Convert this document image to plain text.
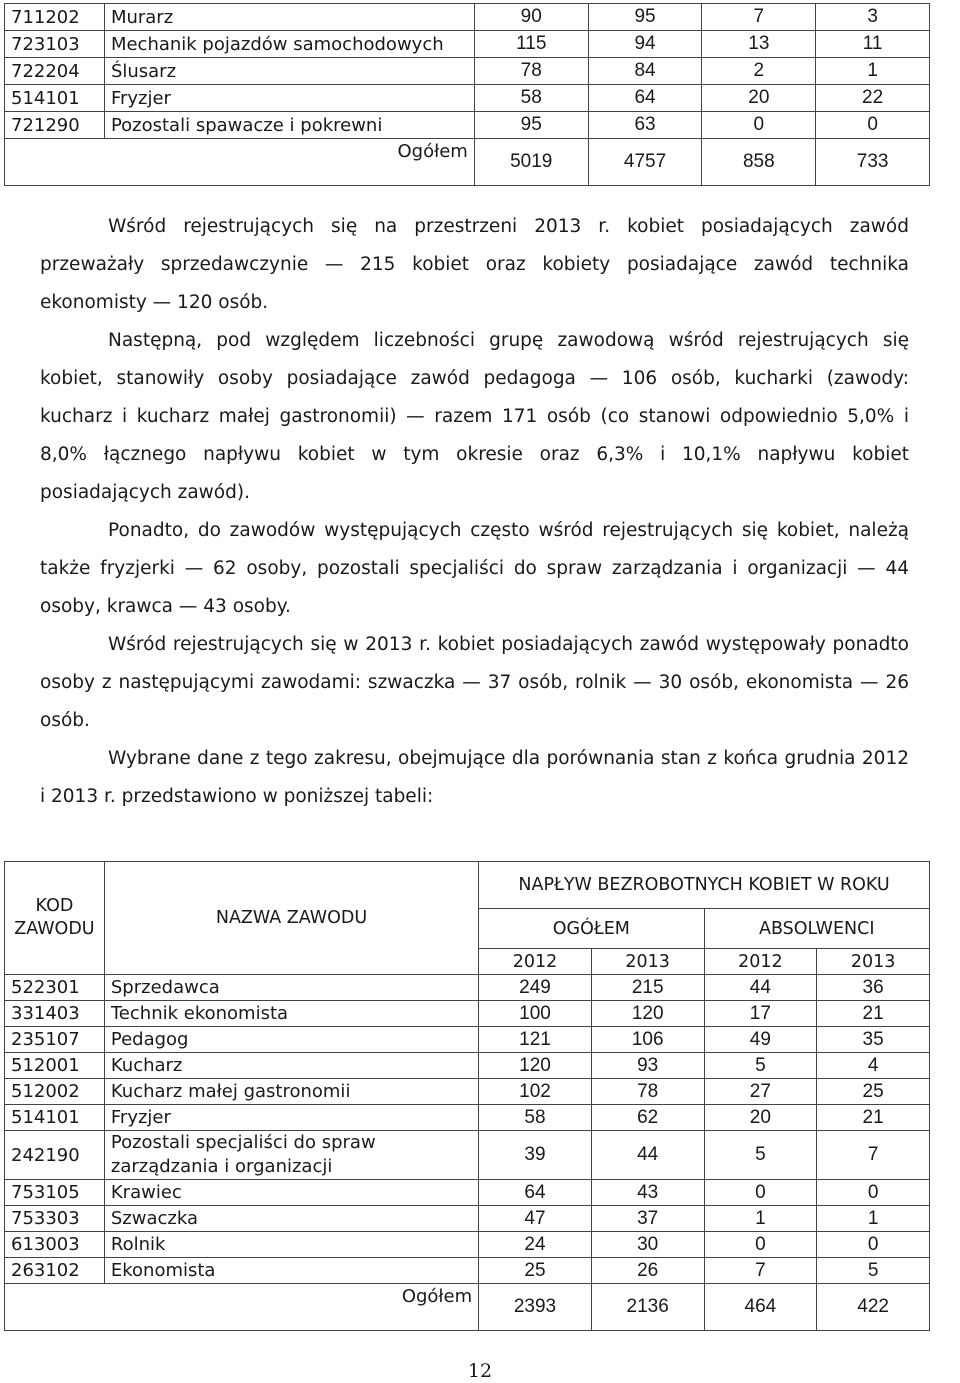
711202	Murarz	90	95	7	3
723103	Mechanik pojazdów samochodowych	115	94	13	11
722204	Ślusarz	78	84	2	1
514101	Fryzjer	58	64	20	22
721290	Pozostali spawacze i pokrewni	95	63	0	0
Ogółem		5019	4757	858	733

Wśród rejestrujących się na przestrzeni 2013 r. kobiet posiadających zawód przeważały sprzedawczynie — 215 kobiet oraz kobiety posiadające zawód technika ekonomisty — 120 osób.

Następną, pod względem liczebności grupę zawodową wśród rejestrujących się kobiet, stanowiły osoby posiadające zawód pedagoga — 106 osób, kucharki (zawody: kucharz i kucharz małej gastronomii) — razem 171 osób (co stanowi odpowiednio 5,0% i 8,0% łącznego napływu kobiet w tym okresie oraz 6,3% i 10,1% napływu kobiet posiadających zawód).

Ponadto, do zawodów występujących często wśród rejestrujących się kobiet, należą także fryzjerki — 62 osoby, pozostali specjaliści do spraw zarządzania i organizacji — 44 osoby, krawca — 43 osoby.

Wśród rejestrujących się w 2013 r. kobiet posiadających zawód występowały ponadto osoby z następującymi zawodami: szwaczka — 37 osób, rolnik — 30 osób, ekonomista — 26 osób.

Wybrane dane z tego zakresu, obejmujące dla porównania stan z końca grudnia 2012 i 2013 r. przedstawiono w poniższej tabeli:

KOD ZAWODU	NAZWA ZAWODU	NAPŁYW BEZROBOTNYCH KOBIET W ROKU			
		OGÓŁEM		ABSOLWENCI	
		2012	2013	2012	2013
522301	Sprzedawca	249	215	44	36
331403	Technik ekonomista	100	120	17	21
235107	Pedagog	121	106	49	35
512001	Kucharz	120	93	5	4
512002	Kucharz małej gastronomii	102	78	27	25
514101	Fryzjer	58	62	20	21
242190	Pozostali specjaliści do spraw
zarządzania i organizacji	39	44	5	7
753105	Krawiec	64	43	0	0
753303	Szwaczka	47	37	1	1
613003	Rolnik	24	30	0	0
263102	Ekonomista	25	26	7	5
Ogółem		2393	2136	464	422
12
